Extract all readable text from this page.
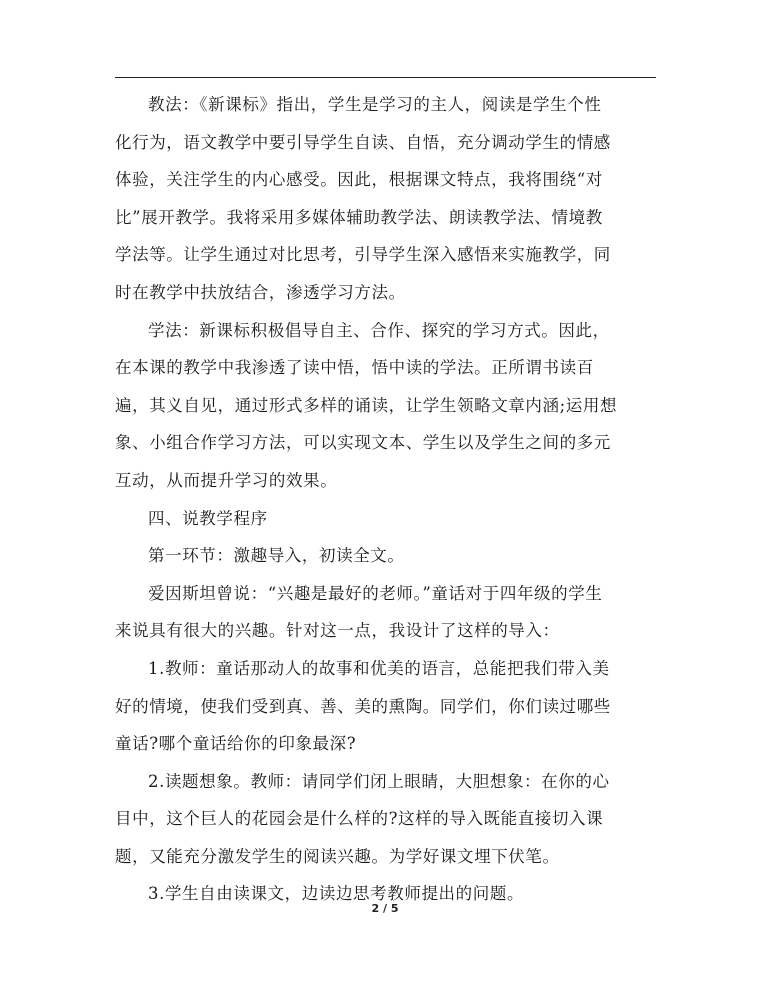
教法：《新课标》指出，学生是学习的主人，阅读是学生个性
化行为，语文教学中要引导学生自读、自悟，充分调动学生的情感
体验，关注学生的内心感受。因此，根据课文特点，我将围绕“对
比”展开教学。我将采用多媒体辅助教学法、朗读教学法、情境教
学法等。让学生通过对比思考，引导学生深入感悟来实施教学，同
时在教学中扶放结合，渗透学习方法。

学法：新课标积极倡导自主、合作、探究的学习方式。因此，
在本课的教学中我渗透了读中悟，悟中读的学法。正所谓书读百
遍，其义自见，通过形式多样的诵读，让学生领略文章内涵;运用想
象、小组合作学习方法，可以实现文本、学生以及学生之间的多元
互动，从而提升学习的效果。

四、说教学程序

第一环节：激趣导入，初读全文。

爱因斯坦曾说：“兴趣是最好的老师。”童话对于四年级的学生
来说具有很大的兴趣。针对这一点，我设计了这样的导入：

1.教师：童话那动人的故事和优美的语言，总能把我们带入美
好的情境，使我们受到真、善、美的熏陶。同学们，你们读过哪些
童话?哪个童话给你的印象最深?

2.读题想象。教师：请同学们闭上眼睛，大胆想象：在你的心
目中，这个巨人的花园会是什么样的?这样的导入既能直接切入课
题，又能充分激发学生的阅读兴趣。为学好课文埋下伏笔。

3.学生自由读课文，边读边思考教师提出的问题。

2 / 5
